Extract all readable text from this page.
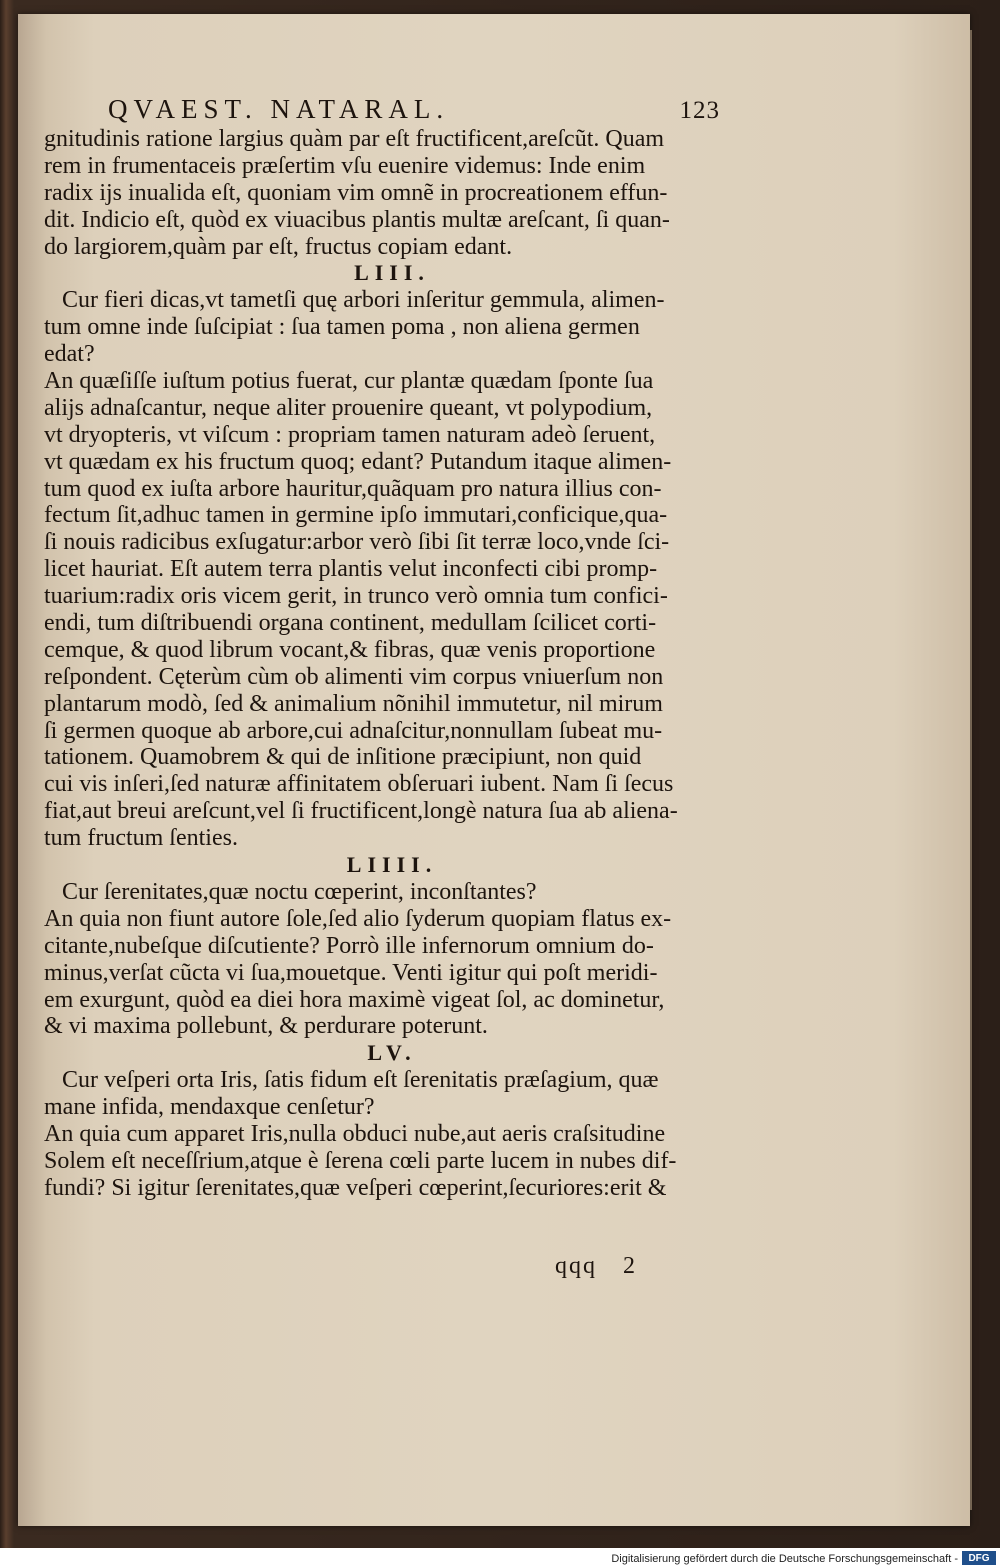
QVAEST. NATARAL.	123
gnitudinis ratione largius quàm par eſt fructificent,areſcũt. Quam
rem in frumentaceis præſertim vſu euenire videmus: Inde enim
radix ijs inualida eſt, quoniam vim omnẽ in procreationem effun-
dit. Indicio eſt, quòd ex viuacibus plantis multæ areſcant, ſi quan-
do largiorem,quàm par eſt, fructus copiam edant.
LIII.
Cur fieri dicas,vt tametſi quę arbori inſeritur gemmula, alimen-
tum omne inde ſuſcipiat : ſua tamen poma , non aliena germen
edat?
An quæſiſſe iuſtum potius fuerat, cur plantæ quædam ſponte ſua
alijs adnaſcantur, neque aliter prouenire queant, vt polypodium,
vt dryopteris, vt viſcum : propriam tamen naturam adeò ſeruent,
vt quædam ex his fructum quoq; edant? Putandum itaque alimen-
tum quod ex iuſta arbore hauritur,quãquam pro natura illius con-
fectum ſit,adhuc tamen in germine ipſo immutari,conficique,qua-
ſi nouis radicibus exſugatur:arbor verò ſibi ſit terræ loco,vnde ſci-
licet hauriat. Eſt autem terra plantis velut inconfecti cibi promp-
tuarium:radix oris vicem gerit, in trunco verò omnia tum confici-
endi, tum diſtribuendi organa continent, medullam ſcilicet corti-
cemque, & quod librum vocant,& fibras, quæ venis proportione
reſpondent. Cęterùm cùm ob alimenti vim corpus vniuerſum non
plantarum modò, ſed & animalium nõnihil immutetur, nil mirum
ſi germen quoque ab arbore,cui adnaſcitur,nonnullam ſubeat mu-
tationem. Quamobrem & qui de inſitione præcipiunt, non quid
cui vis inſeri,ſed naturæ affinitatem obſeruari iubent. Nam ſi ſecus
fiat,aut breui areſcunt,vel ſi fructificent,longè natura ſua ab aliena-
tum fructum ſenties.
LIIII.
Cur ſerenitates,quæ noctu cœperint, inconſtantes?
An quia non fiunt autore ſole,ſed alio ſyderum quopiam flatus ex-
citante,nubeſque diſcutiente? Porrò ille infernorum omnium do-
minus,verſat cũcta vi ſua,mouetque. Venti igitur qui poſt meridi-
em exurgunt, quòd ea diei hora maximè vigeat ſol, ac dominetur,
& vi maxima pollebunt, & perdurare poterunt.
LV.
Cur veſperi orta Iris, ſatis fidum eſt ſerenitatis præſagium, quæ
mane infida, mendaxque cenſetur?
An quia cum apparet Iris,nulla obduci nube,aut aeris craſsitudine
Solem eſt neceſſrium,atque è ſerena cœli parte lucem in nubes dif-
fundi? Si igitur ſerenitates,quæ veſperi cœperint,ſecuriores:erit &
qqq 2
Digitalisierung gefördert durch die Deutsche Forschungsgemeinschaft -	DFG
